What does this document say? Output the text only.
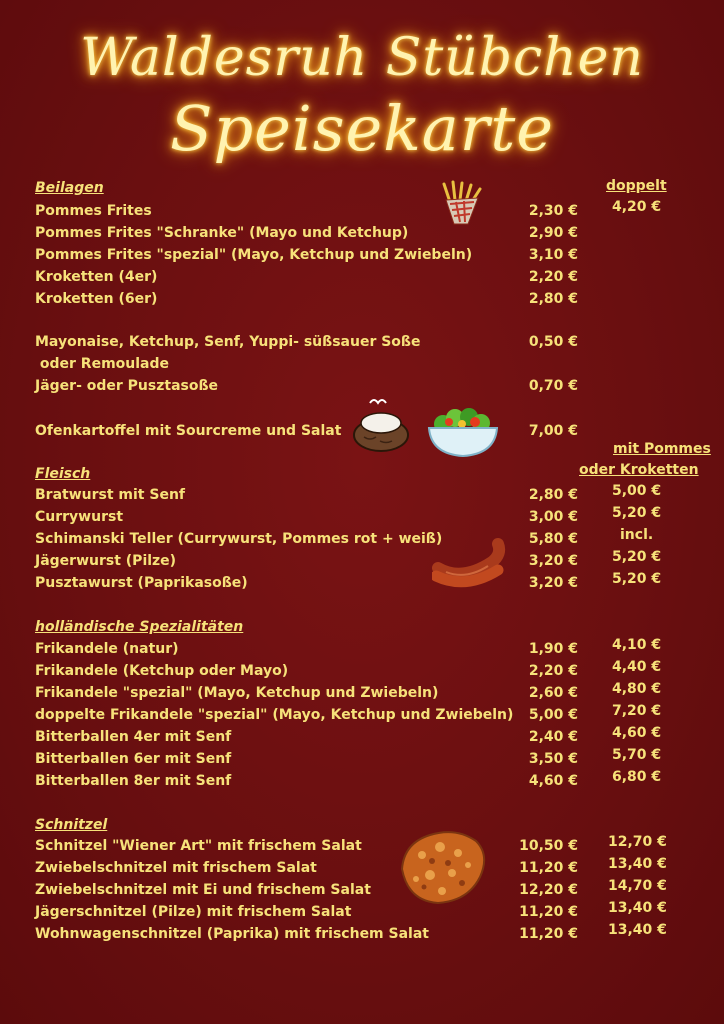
Waldesruh Stübchen
Speisekarte
Beilagen	doppelt
Pommes Frites	2,30 € 4,20 €
Pommes Frites "Schranke" (Mayo und Ketchup)	2,90 €
Pommes Frites "spezial" (Mayo, Ketchup und Zwiebeln)	3,10 €
Kroketten (4er)	2,20 €
Kroketten (6er)	2,80 €
Mayonaise, Ketchup, Senf, Yuppi- süßsauer Soße	0,50 €
oder Remoulade
Jäger- oder Pusztasoße	0,70 €
Ofenkartoffel mit Sourcreme und Salat	7,00 €
Fleisch
mit Pommes
oder Kroketten
Bratwurst mit Senf	2,80 € 5,00 €
Currywurst	3,00 € 5,20 €
Schimanski Teller (Currywurst, Pommes rot + weiß)	5,80 €	incl.
Jägerwurst (Pilze)	3,20 € 5,20 €
Pusztawurst (Paprikasoße)	3,20 € 5,20 €
holländische Spezialitäten
Frikandele (natur)	1,90 € 4,10 €
Frikandele (Ketchup oder Mayo)	2,20 € 4,40 €
Frikandele "spezial" (Mayo, Ketchup und Zwiebeln)	2,60 € 4,80 €
doppelte Frikandele "spezial" (Mayo, Ketchup und Zwiebeln) 5,00 € 7,20 €
Bitterballen 4er mit Senf	2,40 € 4,60 €
Bitterballen 6er mit Senf	3,50 € 5,70 €
Bitterballen 8er mit Senf	4,60 € 6,80 €
Schnitzel
Schnitzel "Wiener Art" mit frischem Salat	10,50 € 12,70 €
Zwiebelschnitzel mit frischem Salat	11,20 € 13,40 €
Zwiebelschnitzel mit Ei und frischem Salat	12,20 € 14,70 €
Jägerschnitzel (Pilze) mit frischem Salat	11,20 € 13,40 €
Wohnwagenschnitzel (Paprika) mit frischem Salat	11,20 € 13,40 €
